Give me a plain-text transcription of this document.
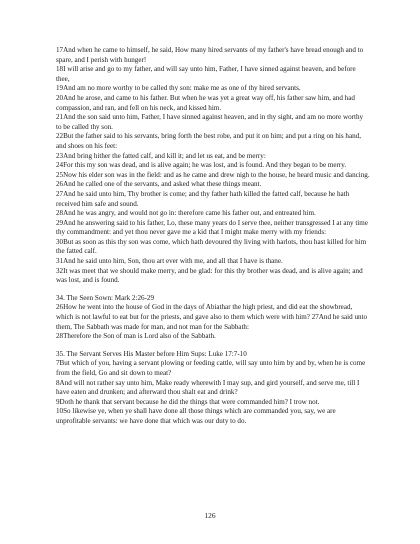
17And when he came to himself, he said, How many hired servants of my father's have bread enough and to spare, and I perish with hunger!

18I will arise and go to my father, and will say unto him, Father, I have sinned against heaven, and before thee,

19And am no more worthy to be called thy son: make me as one of thy hired servants.

20And he arose, and came to his father. But when he was yet a great way off, his father saw him, and had compassion, and ran, and fell on his neck, and kissed him.

21And the son said unto him, Father, I have sinned against heaven, and in thy sight, and am no more worthy to be called thy son.

22But the father said to his servants, bring forth the best robe, and put it on him; and put a ring on his hand, and shoes on his feet:

23And bring hither the fatted calf, and kill it; and let us eat, and be merry:

24For this my son was dead, and is alive again; he was lost, and is found. And they began to be merry.

25Now his elder son was in the field: and as he came and drew nigh to the house, he heard music and dancing.

26And he called one of the servants, and asked what these things meant.

27And he said unto him, Thy brother is come; and thy father hath killed the fatted calf, because he hath received him safe and sound.

28And he was angry, and would not go in: therefore came his father out, and entreated him.

29And he answering said to his father, Lo, these many years do I serve thee, neither transgressed I at any time thy commandment: and yet thou never gave me a kid that I might make merry with my friends:

30But as soon as this thy son was come, which hath devoured thy living with harlots, thou hast killed for him the fatted calf.

31And he said unto him, Son, thou art ever with me, and all that I have is thane.

32It was meet that we should make merry, and be glad: for this thy brother was dead, and is alive again; and was lost, and is found.

34. The Seen Sown: Mark 2:26-29

26How he went into the house of God in the days of Abiathar the high priest, and did eat the showbread, which is not lawful to eat but for the priests, and gave also to them which were with him? 27And he said unto them, The Sabbath was made for man, and not man for the Sabbath:

28Therefore the Son of man is Lord also of the Sabbath.

35. The Servant Serves His Master before Him Sups: Luke 17:7-10

7But which of you, having a servant plowing or feeding cattle, will say unto him by and by, when he is come from the field, Go and sit down to meat?

8And will not rather say unto him, Make ready wherewith I may sup, and gird yourself, and serve me, till I have eaten and drunken; and afterward thou shalt eat and drink?

9Doth he thank that servant because he did the things that were commanded him? I trow not.

10So likewise ye, when ye shall have done all those things which are commanded you, say, we are unprofitable servants: we have done that which was our duty to do.

126
